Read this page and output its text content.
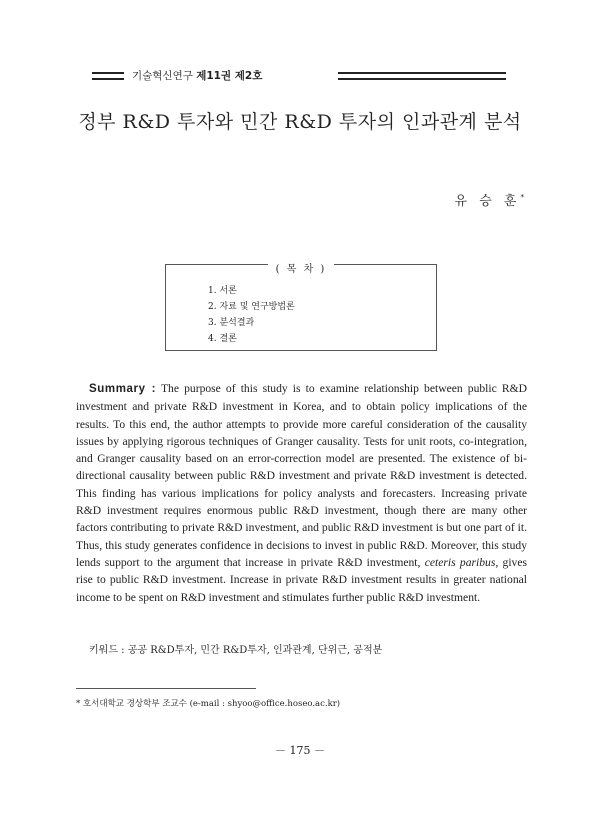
기술혁신연구 제11권 제2호
정부 R&D 투자와 민간 R&D 투자의 인과관계 분석
유 승 훈*
( 목 차 )
1. 서론
2. 자료 및 연구방법론
3. 분석결과
4. 결론
Summary : The purpose of this study is to examine relationship between public R&D investment and private R&D investment in Korea, and to obtain policy implications of the results. To this end, the author attempts to provide more careful consideration of the causality issues by applying rigorous techniques of Granger causality. Tests for unit roots, co-integration, and Granger causality based on an error-correction model are presented. The existence of bi-directional causality between public R&D investment and private R&D investment is detected. This finding has various implications for policy analysts and forecasters. Increasing private R&D investment requires enormous public R&D investment, though there are many other factors contributing to private R&D investment, and public R&D investment is but one part of it. Thus, this study generates confidence in decisions to invest in public R&D. Moreover, this study lends support to the argument that increase in private R&D investment, ceteris paribus, gives rise to public R&D investment. Increase in private R&D investment results in greater national income to be spent on R&D investment and stimulates further public R&D investment.
키워드 : 공공 R&D투자, 민간 R&D투자, 인과관계, 단위근, 공적분
* 호서대학교 경상학부 조교수 (e-mail : shyoo@office.hoseo.ac.kr)
－ 175 －
